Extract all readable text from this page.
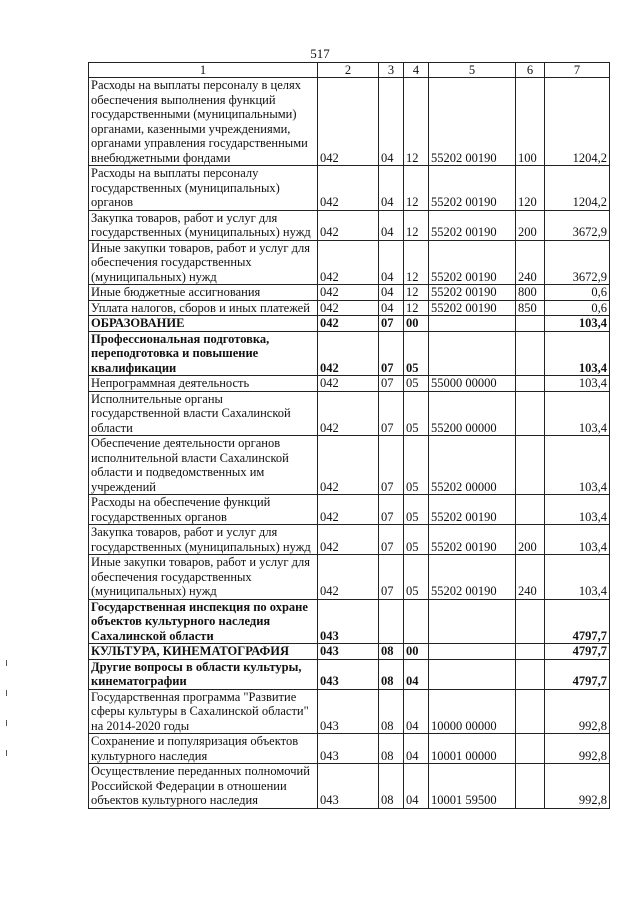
517
1	2	3	4	5	6	7
Расходы на выплаты персоналу в целях обеспечения выполнения функций государственными (муниципальными) органами, казенными учреждениями, органами управления государственными внебюджетными фондами	042	04	12	55202 00190	100	1204,2
Расходы на выплаты персоналу государственных (муниципальных) органов	042	04	12	55202 00190	120	1204,2
Закупка товаров, работ и услуг для государственных (муниципальных) нужд	042	04	12	55202 00190	200	3672,9
Иные закупки товаров, работ и услуг для обеспечения государственных (муниципальных) нужд	042	04	12	55202 00190	240	3672,9
Иные бюджетные ассигнования	042	04	12	55202 00190	800	0,6
Уплата налогов, сборов и иных платежей	042	04	12	55202 00190	850	0,6
ОБРАЗОВАНИЕ	042	07	00			103,4
Профессиональная подготовка, переподготовка и повышение квалификации	042	07	05			103,4
Непрограммная деятельность	042	07	05	55000 00000		103,4
Исполнительные органы государственной власти Сахалинской области	042	07	05	55200 00000		103,4
Обеспечение деятельности органов исполнительной власти Сахалинской области и подведомственных им учреждений	042	07	05	55202 00000		103,4
Расходы на обеспечение функций государственных органов	042	07	05	55202 00190		103,4
Закупка товаров, работ и услуг для государственных (муниципальных) нужд	042	07	05	55202 00190	200	103,4
Иные закупки товаров, работ и услуг для обеспечения государственных (муниципальных) нужд	042	07	05	55202 00190	240	103,4
Государственная инспекция по охране объектов культурного наследия Сахалинской области	043					4797,7
КУЛЬТУРА, КИНЕМАТОГРАФИЯ	043	08	00			4797,7
Другие вопросы в области культуры, кинематографии	043	08	04			4797,7
Государственная программа "Развитие сферы культуры в Сахалинской области" на 2014-2020 годы	043	08	04	10000 00000		992,8
Сохранение и популяризация объектов культурного наследия	043	08	04	10001 00000		992,8
Осуществление переданных полномочий Российской Федерации в отношении объектов культурного наследия	043	08	04	10001 59500		992,8
